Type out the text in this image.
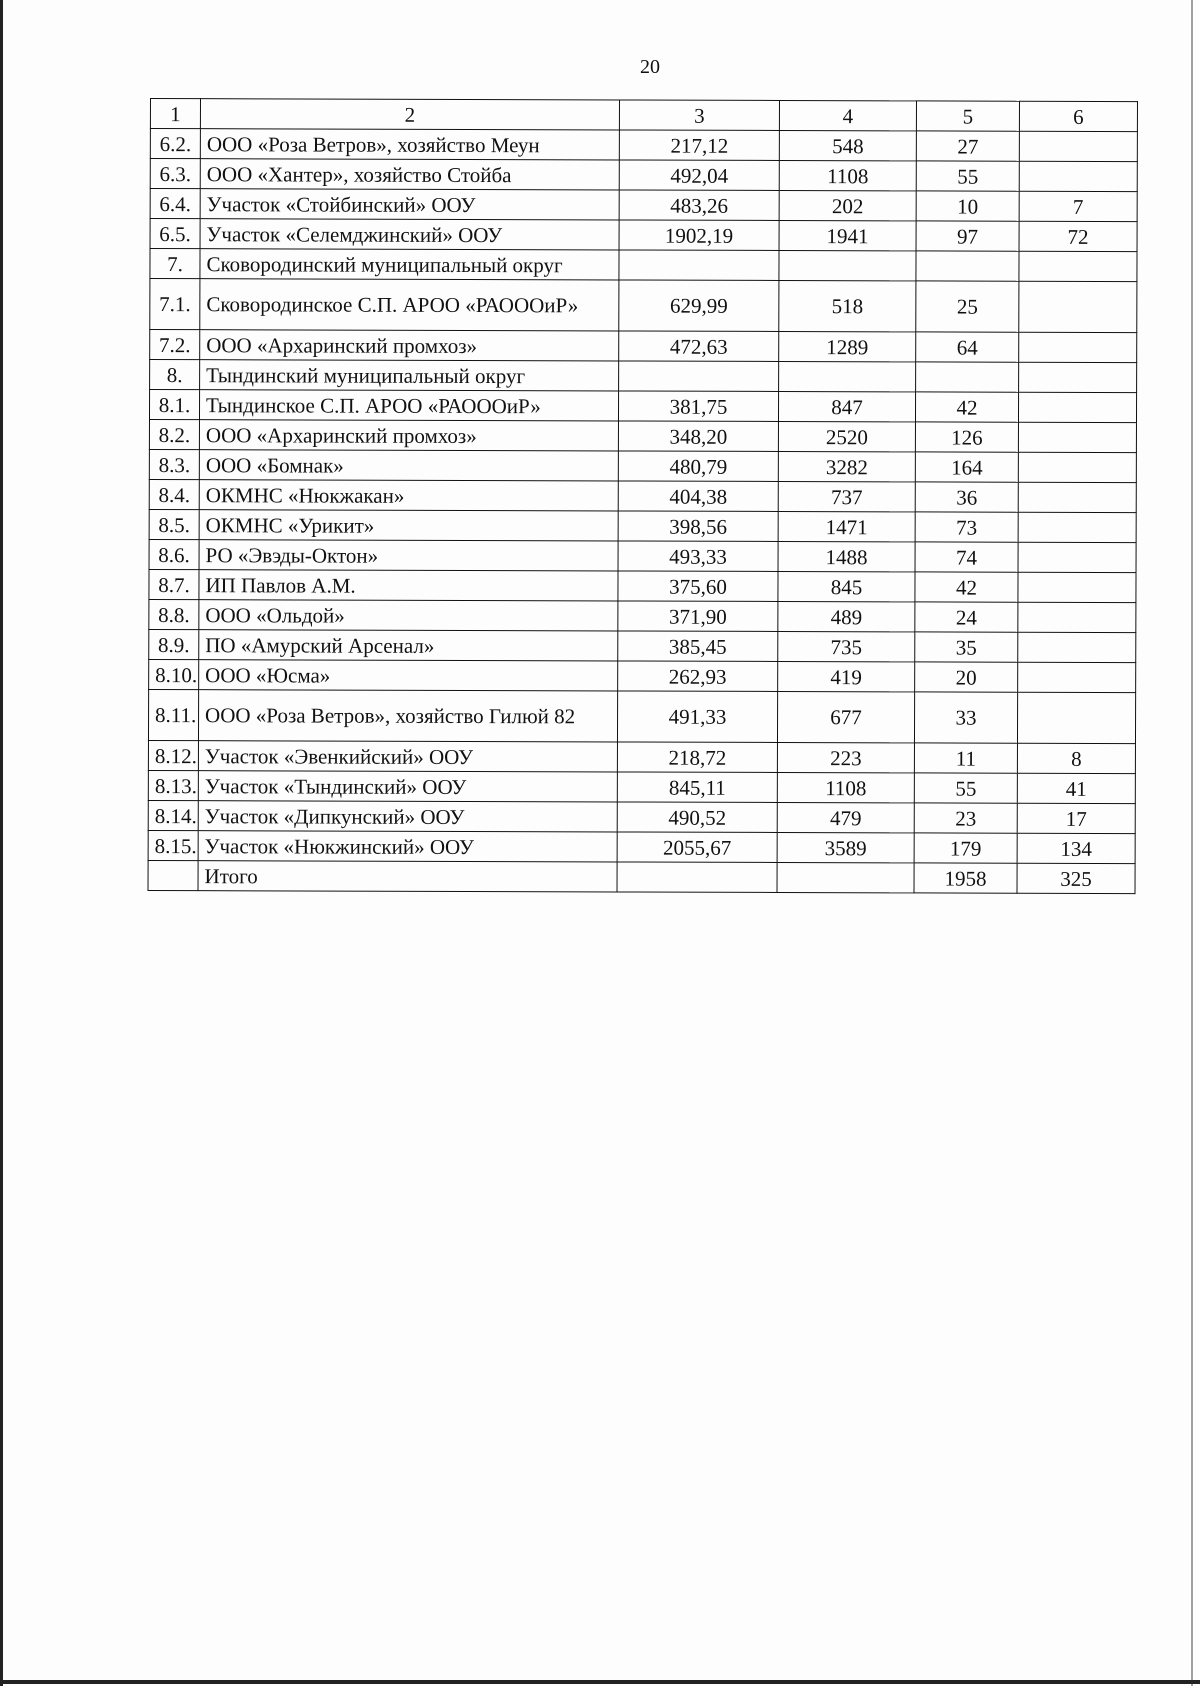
20
1	2	3	4	5	6
6.2.	ООО «Роза Ветров», хозяйство Меун	217,12	548	27	
6.3.	ООО «Хантер», хозяйство Стойба	492,04	1108	55	
6.4.	Участок «Стойбинский» ООУ	483,26	202	10	7
6.5.	Участок «Селемджинский» ООУ	1902,19	1941	97	72
7.	Сковородинский муниципальный округ				
7.1.	Сковородинское С.П. АРОО «РАОООиР»	629,99	518	25	
7.2.	ООО «Архаринский промхоз»	472,63	1289	64	
8.	Тындинский муниципальный округ				
8.1.	Тындинское С.П. АРОО «РАОООиР»	381,75	847	42	
8.2.	ООО «Архаринский промхоз»	348,20	2520	126	
8.3.	ООО «Бомнак»	480,79	3282	164	
8.4.	ОКМНС «Нюкжакан»	404,38	737	36	
8.5.	ОКМНС «Урикит»	398,56	1471	73	
8.6.	РО «Эвэды-Октон»	493,33	1488	74	
8.7.	ИП Павлов А.М.	375,60	845	42	
8.8.	ООО «Ольдой»	371,90	489	24	
8.9.	ПО «Амурский Арсенал»	385,45	735	35	
8.10.	ООО «Юсма»	262,93	419	20	
8.11.	ООО «Роза Ветров», хозяйство Гилюй 82	491,33	677	33	
8.12.	Участок «Эвенкийский» ООУ	218,72	223	11	8
8.13.	Участок «Тындинский» ООУ	845,11	1108	55	41
8.14.	Участок «Дипкунский» ООУ	490,52	479	23	17
8.15.	Участок «Нюкжинский» ООУ	2055,67	3589	179	134
	Итого			1958	325
